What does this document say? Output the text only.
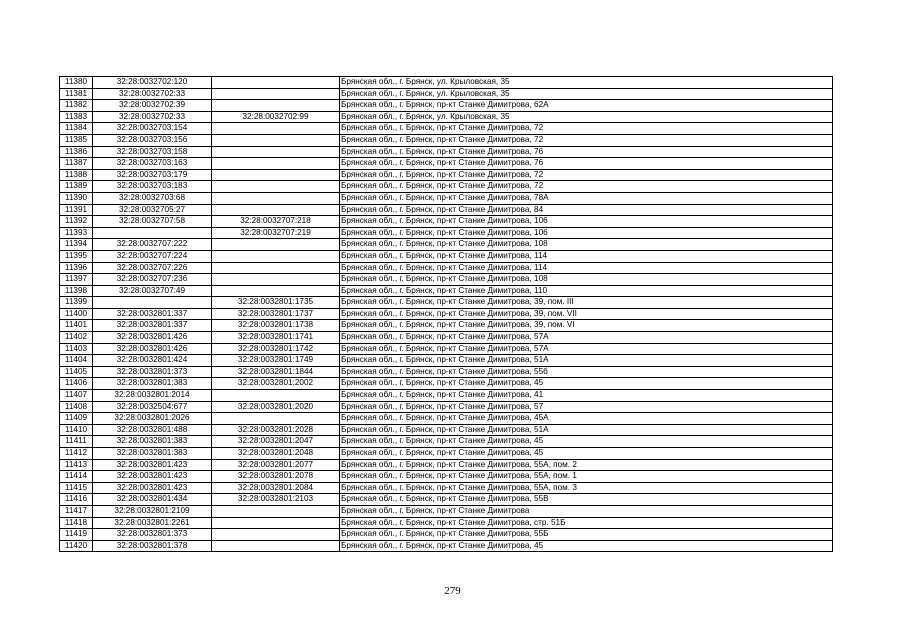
11380	32:28:0032702:120		Брянская обл., г. Брянск, ул. Крыловская, 35
11381	32:28:0032702:33		Брянская обл., г. Брянск, ул. Крыловская, 35
11382	32:28:0032702:39		Брянская обл., г. Брянск, пр-кт Станке Димитрова, 62А
11383	32:28:0032702:33	32:28:0032702:99	Брянская обл., г. Брянск, ул. Крыловская, 35
11384	32:28:0032703:154		Брянская обл., г. Брянск, пр-кт Станке Димитрова, 72
11385	32:28:0032703:156		Брянская обл., г. Брянск, пр-кт Станке Димитрова, 72
11386	32:28:0032703:158		Брянская обл., г. Брянск, пр-кт Станке Димитрова, 76
11387	32:28:0032703:163		Брянская обл., г. Брянск, пр-кт Станке Димитрова, 76
11388	32:28:0032703:179		Брянская обл., г. Брянск, пр-кт Станке Димитрова, 72
11389	32:28:0032703:183		Брянская обл., г. Брянск, пр-кт Станке Димитрова, 72
11390	32:28:0032703:68		Брянская обл., г. Брянск, пр-кт Станке Димитрова, 78А
11391	32:28:0032705:27		Брянская обл., г. Брянск, пр-кт Станке Димитрова, 84
11392	32:28:0032707:58	32:28:0032707:218	Брянская обл., г. Брянск, пр-кт Станке Димитрова, 106
11393		32:28:0032707:219	Брянская обл., г. Брянск, пр-кт Станке Димитрова, 106
11394	32:28:0032707:222		Брянская обл., г. Брянск, пр-кт Станке Димитрова, 108
11395	32:28:0032707:224		Брянская обл., г. Брянск, пр-кт Станке Димитрова, 114
11396	32:28:0032707:226		Брянская обл., г. Брянск, пр-кт Станке Димитрова, 114
11397	32:28:0032707:236		Брянская обл., г. Брянск, пр-кт Станке Димитрова, 108
11398	32:28:0032707:49		Брянская обл., г. Брянск, пр-кт Станке Димитрова, 110
11399		32:28:0032801:1735	Брянская обл., г. Брянск, пр-кт Станке Димитрова, 39, пом. III
11400	32:28:0032801:337	32:28:0032801:1737	Брянская обл., г. Брянск, пр-кт Станке Димитрова, 39, пом. VII
11401	32:28:0032801:337	32:28:0032801:1738	Брянская обл., г. Брянск, пр-кт Станке Димитрова, 39, пом. VI
11402	32:28:0032801:426	32:28:0032801:1741	Брянская обл., г. Брянск, пр-кт Станке Димитрова, 57А
11403	32:28:0032801:426	32:28:0032801:1742	Брянская обл., г. Брянск, пр-кт Станке Димитрова, 57А
11404	32:28:0032801:424	32:28:0032801:1749	Брянская обл., г. Брянск, пр-кт Станке Димитрова, 51А
11405	32:28:0032801:373	32:28:0032801:1844	Брянская обл., г. Брянск, пр-кт Станке Димитрова, 55б
11406	32:28:0032801:383	32:28:0032801:2002	Брянская обл., г. Брянск, пр-кт Станке Димитрова, 45
11407	32:28:0032801:2014		Брянская обл., г. Брянск, пр-кт Станке Димитрова, 41
11408	32:28:0032504:677	32:28:0032801:2020	Брянская обл., г. Брянск, пр-кт Станке Димитрова, 57
11409	32:28:0032801:2026		Брянская обл., г. Брянск, пр-кт Станке Димитрова, 45А
11410	32:28:0032801:488	32:28:0032801:2028	Брянская обл., г. Брянск, пр-кт Станке Димитрова, 51А
11411	32:28:0032801:383	32:28:0032801:2047	Брянская обл., г. Брянск, пр-кт Станке Димитрова, 45
11412	32:28:0032801:383	32:28:0032801:2048	Брянская обл., г. Брянск, пр-кт Станке Димитрова, 45
11413	32:28:0032801:423	32:28:0032801:2077	Брянская обл., г. Брянск, пр-кт Станке Димитрова, 55А, пом. 2
11414	32:28:0032801:423	32:28:0032801:2078	Брянская обл., г. Брянск, пр-кт Станке Димитрова, 55А, пом. 1
11415	32:28:0032801:423	32:28:0032801:2084	Брянская обл., г. Брянск, пр-кт Станке Димитрова, 55А, пом. 3
11416	32:28:0032801:434	32:28:0032801:2103	Брянская обл., г. Брянск, пр-кт Станке Димитрова, 55В
11417	32:28:0032801:2109		Брянская обл., г. Брянск, пр-кт Станке Димитрова
11418	32:28:0032801:2261		Брянская обл., г. Брянск, пр-кт Станке Димитрова, стр. 51Б
11419	32:28:0032801:373		Брянская обл., г. Брянск, пр-кт Станке Димитрова, 55Б
11420	32:28:0032801:378		Брянская обл., г. Брянск, пр-кт Станке Димитрова, 45
279
